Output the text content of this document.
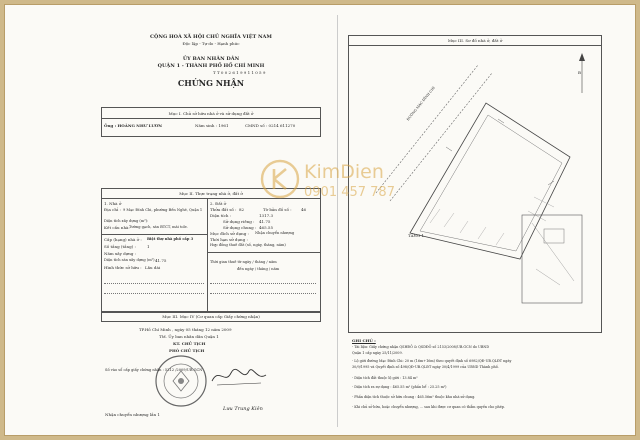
CỘNG HOÀ XÃ HỘI CHỦ NGHĨA VIỆT NAM
Độc lập - Tự do - Hạnh phúc
ỦY BAN NHÂN DÂN
QUẬN 1 - THÀNH PHỐ HỒ CHÍ MINH
T T 0 0 2 6 1 9 9 1 1 0 5 9
CHỨNG NHẬN
Mục I. Chủ sở hữu nhà ở và sử dụng đất ở
Ông : HOÀNG NHƯ LƯƠN	Năm sinh : 1961	CMND số : 0214 611270
Mục II. Thực trạng nhà ở, đất ở
1. Nhà ở
Địa chỉ : 9 Mạc Đĩnh Chi, phường Bến Nghé, Quận 1
Diện tích xây dựng (m²):
Kết cấu nhà: Tường gạch, sàn BTCT, mái tole.
Cấp (hạng) nhà ở : Biệt thự nhà phố cấp 3
Số tầng (tầng) :	1
Năm xây dựng :
Diện tích sàn xây dựng (m²) :
41.75
Hình thức sở hữu : Lâu dài
2. Đất ở
Thửa đất số : 82	Tờ bản đồ số : 46
Diện tích :	1317.3
Sử dụng riêng : 41.75
Sử dụng chung : 465.55
Mục đích sử dụng : Nhận chuyển nhượng
Thời hạn sử dụng :
Hợp đồng thuê đất (số, ngày, tháng, năm)
Thời gian thuê từ ngày / tháng / năm
đến ngày / tháng / năm
Mục III. Mục IV (Cơ quan cấp Giấy chứng nhận)
TP.Hồ Chí Minh , ngày 05 tháng 12 năm 2009
TM. Ủy ban nhân dân Quận 1
KT. CHỦ TỊCH
PHÓ CHỦ TỊCH
Số vào sổ cấp giấy chứng nhận : 5212 /2009/UB.GCN
Lưu Trung Kiên
Nhận chuyển nhượng lần 1
Mục III. Sơ đồ nhà ở, đất ở
ĐƯỜNG MẠC ĐĨNH CHI
B
TẦNG 1
GHI CHÚ :
- Tài liệu: Giấy chứng nhận QSHĐÔ & QSDĐÔ số 2153/2008/UB.GCN do UBND
Quận 1 cấp ngày 25/11/2009.
- Lộ giới đường Mạc Đĩnh Chi: 20 m (16m+16m) theo quyết định số 6982/QĐ-UB.QLĐT ngày
30/9/1995 và Quyết định số 498/QĐ-UB.QLĐT ngày 30/4/1999 của UBND Thành phố.
- Diện tích đất thuộc lộ giới : 13.84 m²
- Diện tích ra sự dụng : 465.55 m² (phần bể : 25.25 m²)
- Phần diện tích thuộc sở hữu chung : 465.56m² thuộc khu nhà sử dụng.
- Khi chủ sở hữu, hoặc chuyển nhượng, ... sau khi được cơ quan có thẩm quyền cho phép.
KimDien
0901 457 787
